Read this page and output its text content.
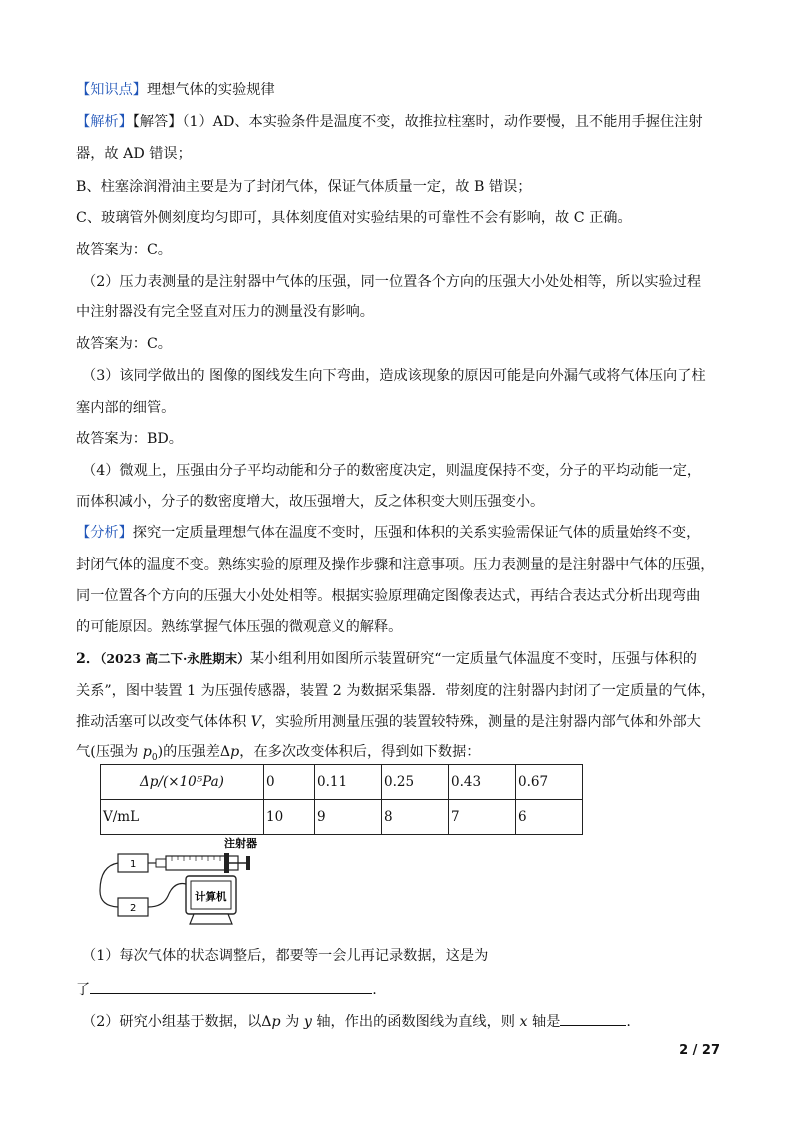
【知识点】理想气体的实验规律
【解析】【解答】（1）AD、本实验条件是温度不变，故推拉柱塞时，动作要慢，且不能用手握住注射
器，故 AD 错误；
B、柱塞涂润滑油主要是为了封闭气体，保证气体质量一定，故 B 错误；
C、玻璃管外侧刻度均匀即可，具体刻度值对实验结果的可靠性不会有影响，故 C 正确。
故答案为：C。
（2）压力表测量的是注射器中气体的压强，同一位置各个方向的压强大小处处相等，所以实验过程
中注射器没有完全竖直对压力的测量没有影响。
故答案为：C。
（3）该同学做出的 图像的图线发生向下弯曲，造成该现象的原因可能是向外漏气或将气体压向了柱
塞内部的细管。
故答案为：BD。
（4）微观上，压强由分子平均动能和分子的数密度决定，则温度保持不变，分子的平均动能一定，
而体积减小，分子的数密度增大，故压强增大，反之体积变大则压强变小。
【分析】探究一定质量理想气体在温度不变时，压强和体积的关系实验需保证气体的质量始终不变，
封闭气体的温度不变。熟练实验的原理及操作步骤和注意事项。压力表测量的是注射器中气体的压强，
同一位置各个方向的压强大小处处相等。根据实验原理确定图像表达式，再结合表达式分析出现弯曲
的可能原因。熟练掌握气体压强的微观意义的解释。
2．（2023 高二下·永胜期末）某小组利用如图所示装置研究“一定质量气体温度不变时，压强与体积的
关系”，图中装置 1 为压强传感器，装置 2 为数据采集器．带刻度的注射器内封闭了一定质量的气体，
推动活塞可以改变气体体积 V，实验所用测量压强的装置较特殊，测量的是注射器内部气体和外部大
气(压强为 $p_0$)的压强差Δp，在多次改变体积后，得到如下数据：
Δp/(×10⁵Pa)	0	0.11	0.25	0.43	0.67
V/mL	10	9	8	7	6
注射器
1
2
计算机
（1）每次气体的状态调整后，都要等一会儿再记录数据，这是为
了	.
（2）研究小组基于数据，以Δp 为 y 轴，作出的函数图线为直线，则 x 轴是	.
2 / 27
